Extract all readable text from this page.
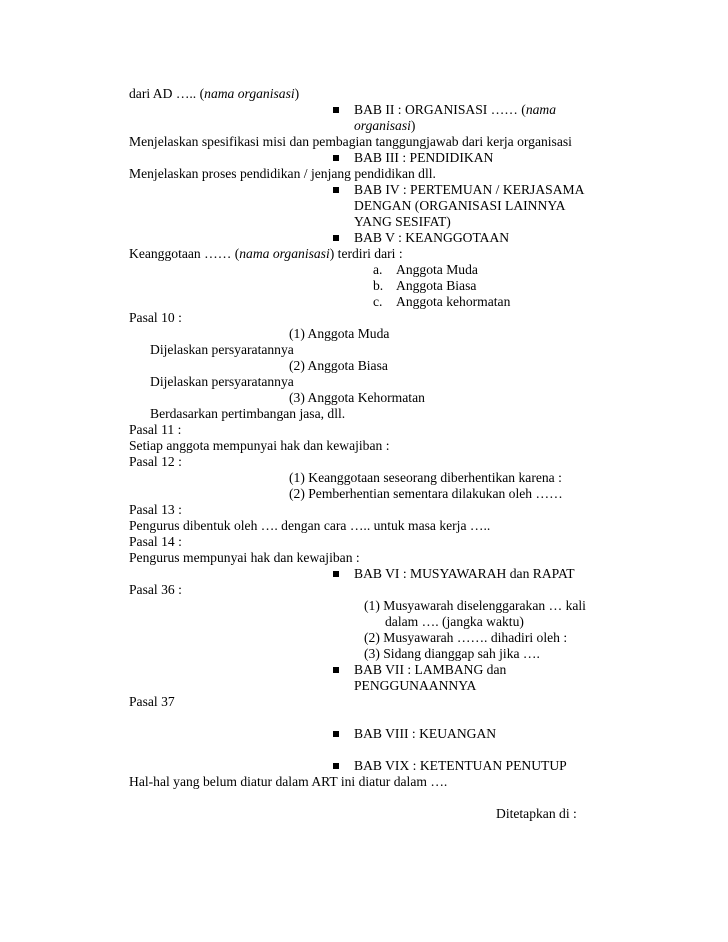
dari AD ….. (nama organisasi)
BAB II : ORGANISASI …… (nama
organisasi)
Menjelaskan spesifikasi misi dan pembagian tanggungjawab dari kerja organisasi
BAB III : PENDIDIKAN
Menjelaskan proses pendidikan / jenjang pendidikan dll.
BAB IV : PERTEMUAN / KERJASAMA
DENGAN (ORGANISASI LAINNYA
YANG SESIFAT)
BAB V : KEANGGOTAAN
Keanggotaan …… (nama organisasi) terdiri dari :
a. Anggota Muda
b. Anggota Biasa
c. Anggota kehormatan
Pasal 10 :
(1) Anggota Muda
Dijelaskan persyaratannya
(2) Anggota Biasa
Dijelaskan persyaratannya
(3) Anggota Kehormatan
Berdasarkan pertimbangan jasa, dll.
Pasal 11 :
Setiap anggota mempunyai hak dan kewajiban :
Pasal 12 :
(1) Keanggotaan seseorang diberhentikan karena :
(2) Pemberhentian sementara dilakukan oleh ……
Pasal 13 :
Pengurus dibentuk oleh …. dengan cara ….. untuk masa kerja …..
Pasal 14 :
Pengurus mempunyai hak dan kewajiban :
BAB VI : MUSYAWARAH dan RAPAT
Pasal 36 :
(1) Musyawarah diselenggarakan … kali
dalam …. (jangka waktu)
(2) Musyawarah ……. dihadiri oleh :
(3) Sidang dianggap sah jika ….
BAB VII : LAMBANG dan
PENGGUNAANNYA
Pasal 37
BAB VIII : KEUANGAN
BAB VIX : KETENTUAN PENUTUP
Hal-hal yang belum diatur dalam ART ini diatur dalam ….
Ditetapkan di :
